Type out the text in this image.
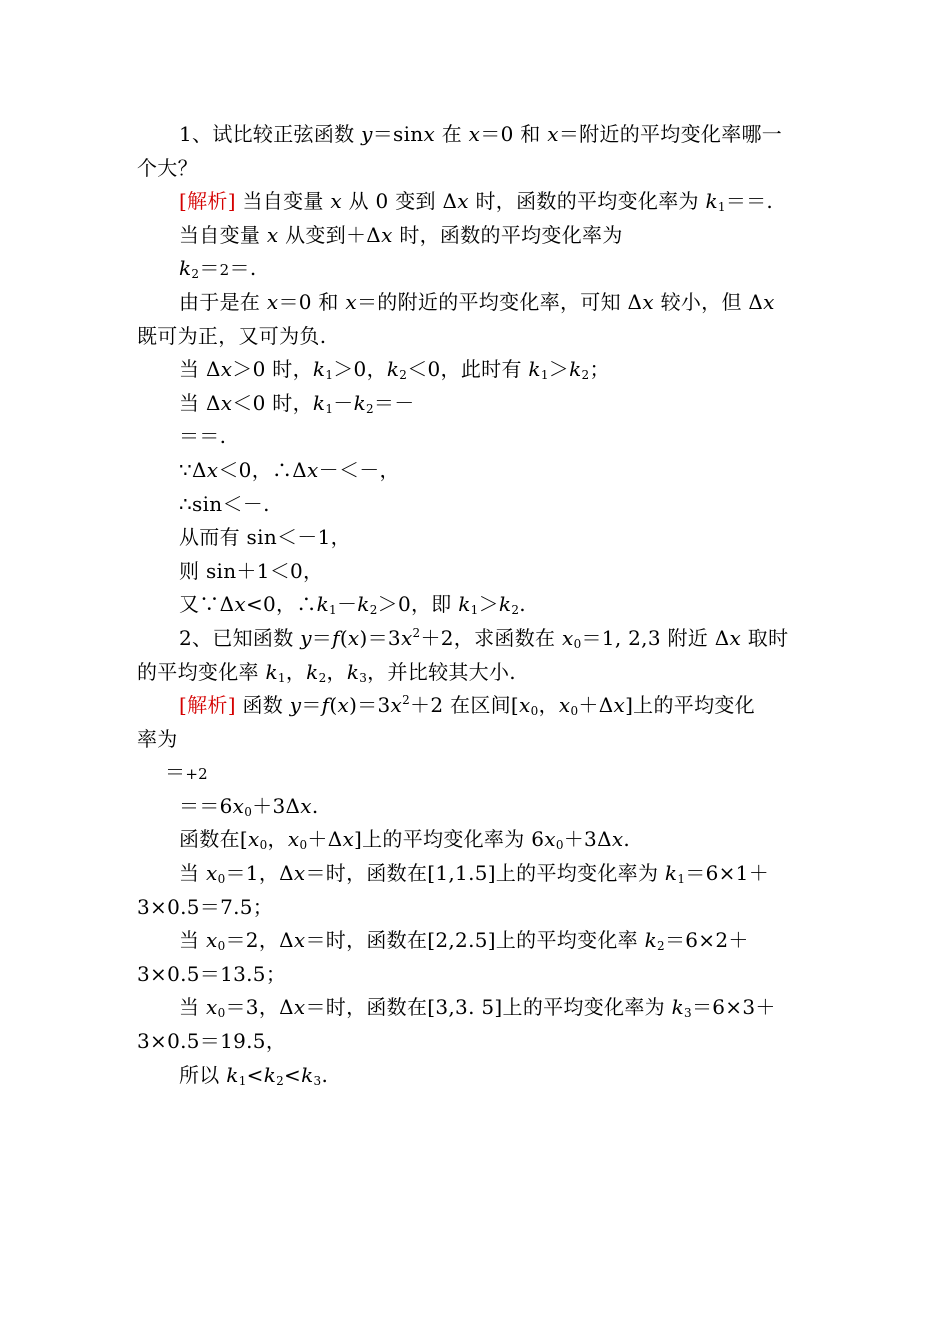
1、试比较正弦函数 y＝sinx 在 x＝0 和 x＝附近的平均变化率哪一
个大？
[解析] 当自变量 x 从 0 变到 Δx 时，函数的平均变化率为 $k_1==$.
当自变量 x 从变到＋Δx 时，函数的平均变化率为
$k_2=2=$.
由于是在 x＝0 和 x＝的附近的平均变化率，可知 Δx 较小，但 Δx
既可为正，又可为负.
当 Δx＞0 时，$k_1>0$，$k_2<0$，此时有 $k_1>k_2$；
当 Δx＜0 时，$k_1-k_2=-$
＝＝.
∵Δx＜0，∴Δx－＜－，
∴sin＜－.
从而有 sin＜－1，
则 sin＋1＜0，
又∵Δx<0，$\therefore k_1-k_2>0$，即 $k_1>k_2$.
2、已知函数 $y=f(x)=3x^2+2$，求函数在 $x_0=1$, 2,3 附近 Δx 取时
的平均变化率 $k_1$，$k_2$，$k_3$，并比较其大小.
[解析] 函数 $y=f(x)=3x^2+2$ 在区间[$x_0$，$x_0+\Delta x$]上的平均变化
率为
＝+2
$==6x_0+3\Delta x$.
函数在[$x_0$，$x_0+\Delta x$]上的平均变化率为 $6x_0+3\Delta x$.
当 $x_0=1$，Δx＝时，函数在[1,1.5]上的平均变化率为 $k_1=6\times 1+$
3×0.5＝7.5；
当 $x_0=2$，Δx＝时，函数在[2,2.5]上的平均变化率 $k_2=6\times 2+$
3×0.5＝13.5；
当 $x_0=3$，Δx＝时，函数在[3,3. 5]上的平均变化率为 $k_3=6\times 3+$
3×0.5＝19.5，
所以 $k_1<k_2<k_3$.
